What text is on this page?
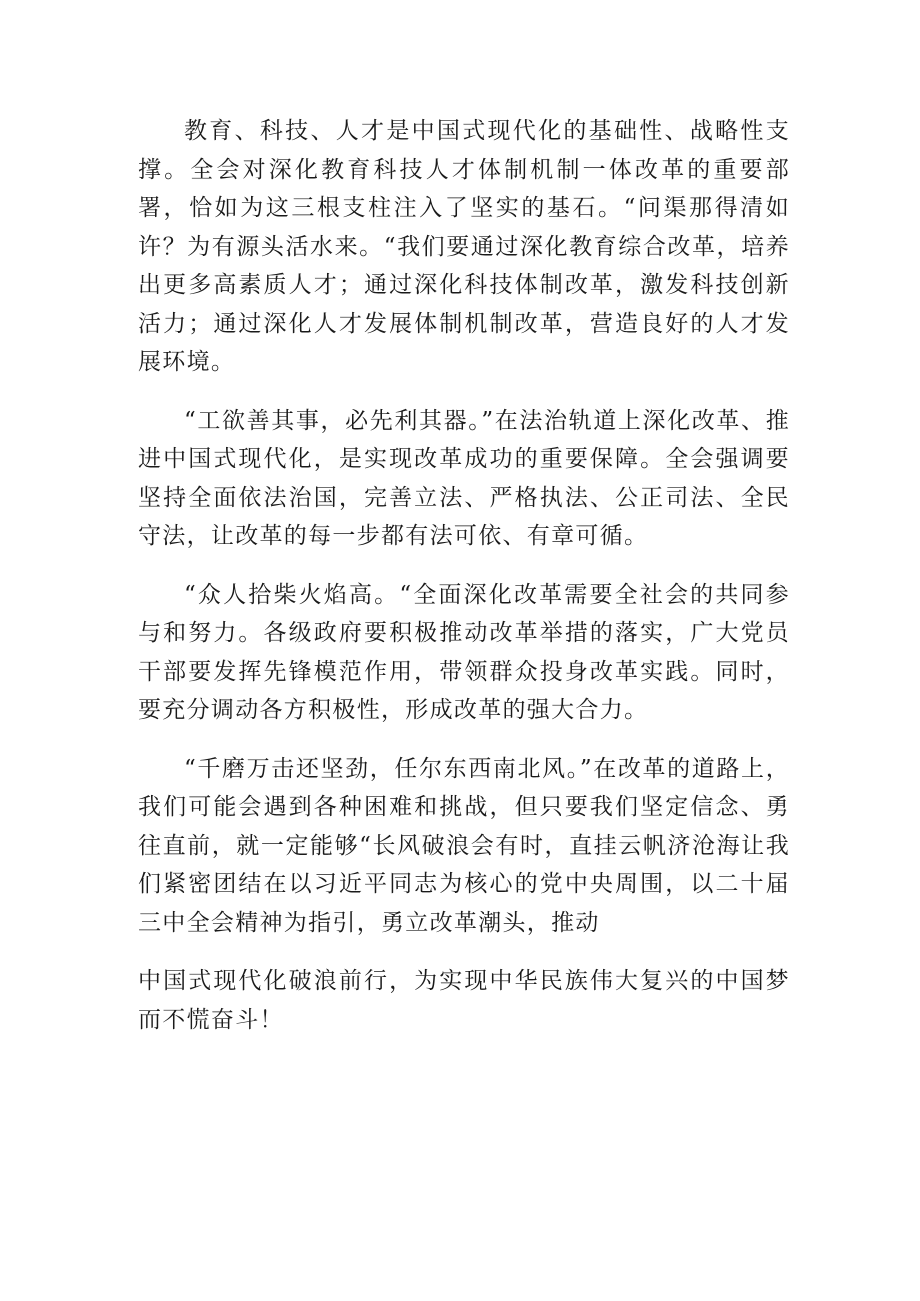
教育、科技、人才是中国式现代化的基础性、战略性支撑。全会对深化教育科技人才体制机制一体改革的重要部署，恰如为这三根支柱注入了坚实的基石。“问渠那得清如许？为有源头活水来。“我们要通过深化教育综合改革，培养出更多高素质人才；通过深化科技体制改革，激发科技创新活力；通过深化人才发展体制机制改革，营造良好的人才发展环境。

“工欲善其事，必先利其器。”在法治轨道上深化改革、推进中国式现代化，是实现改革成功的重要保障。全会强调要坚持全面依法治国，完善立法、严格执法、公正司法、全民守法，让改革的每一步都有法可依、有章可循。

“众人拾柴火焰高。“全面深化改革需要全社会的共同参与和努力。各级政府要积极推动改革举措的落实，广大党员干部要发挥先锋模范作用，带领群众投身改革实践。同时，要充分调动各方积极性，形成改革的强大合力。

“千磨万击还坚劲，任尔东西南北风。”在改革的道路上，我们可能会遇到各种困难和挑战，但只要我们坚定信念、勇往直前，就一定能够“长风破浪会有时，直挂云帆济沧海让我们紧密团结在以习近平同志为核心的党中央周围，以二十届三中全会精神为指引，勇立改革潮头，推动

中国式现代化破浪前行，为实现中华民族伟大复兴的中国梦而不慌奋斗！
